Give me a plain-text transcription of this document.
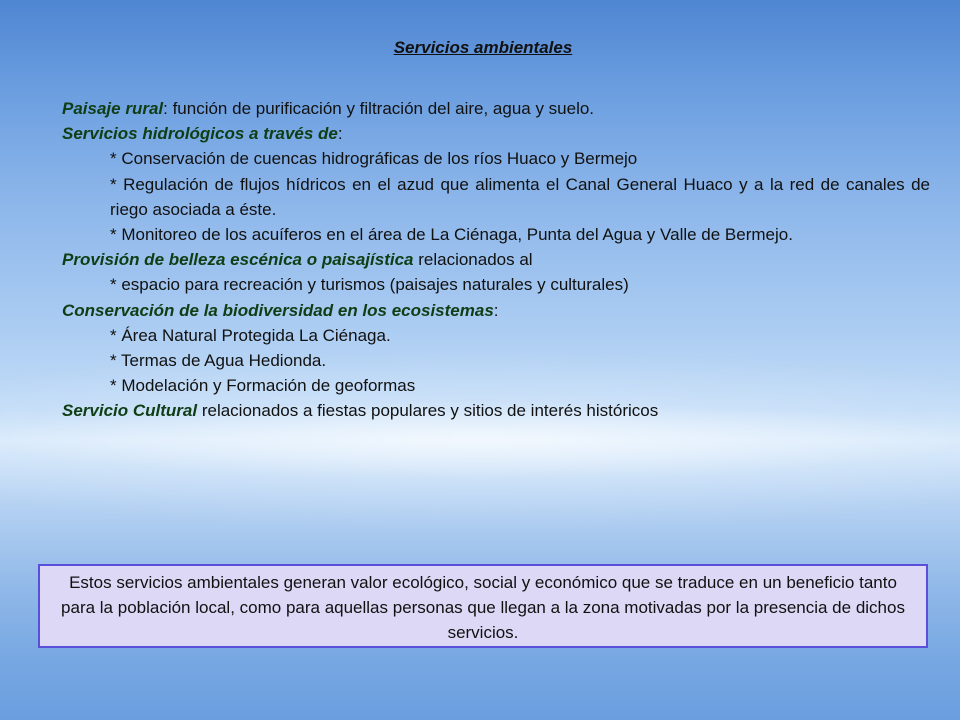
Servicios ambientales

Paisaje rural: función de purificación y filtración del aire, agua y suelo.

Servicios hidrológicos a través de:

* Conservación de cuencas hidrográficas de los ríos Huaco y Bermejo

* Regulación de flujos hídricos en el azud que alimenta el Canal General Huaco y a la red de canales de riego asociada a éste.

* Monitoreo de los acuíferos en el área de La Ciénaga, Punta del Agua y Valle de Bermejo.

Provisión de belleza escénica o paisajística relacionados al

* espacio para recreación y turismos (paisajes naturales y culturales)

Conservación de la biodiversidad en los ecosistemas:

* Área Natural Protegida La Ciénaga.

* Termas de Agua Hedionda.

* Modelación y Formación de geoformas

Servicio Cultural relacionados a fiestas populares y sitios de interés históricos

Estos servicios ambientales generan valor ecológico, social y económico que se traduce en un beneficio tanto para la población local, como para aquellas personas que llegan a la zona motivadas por la presencia de dichos servicios.
